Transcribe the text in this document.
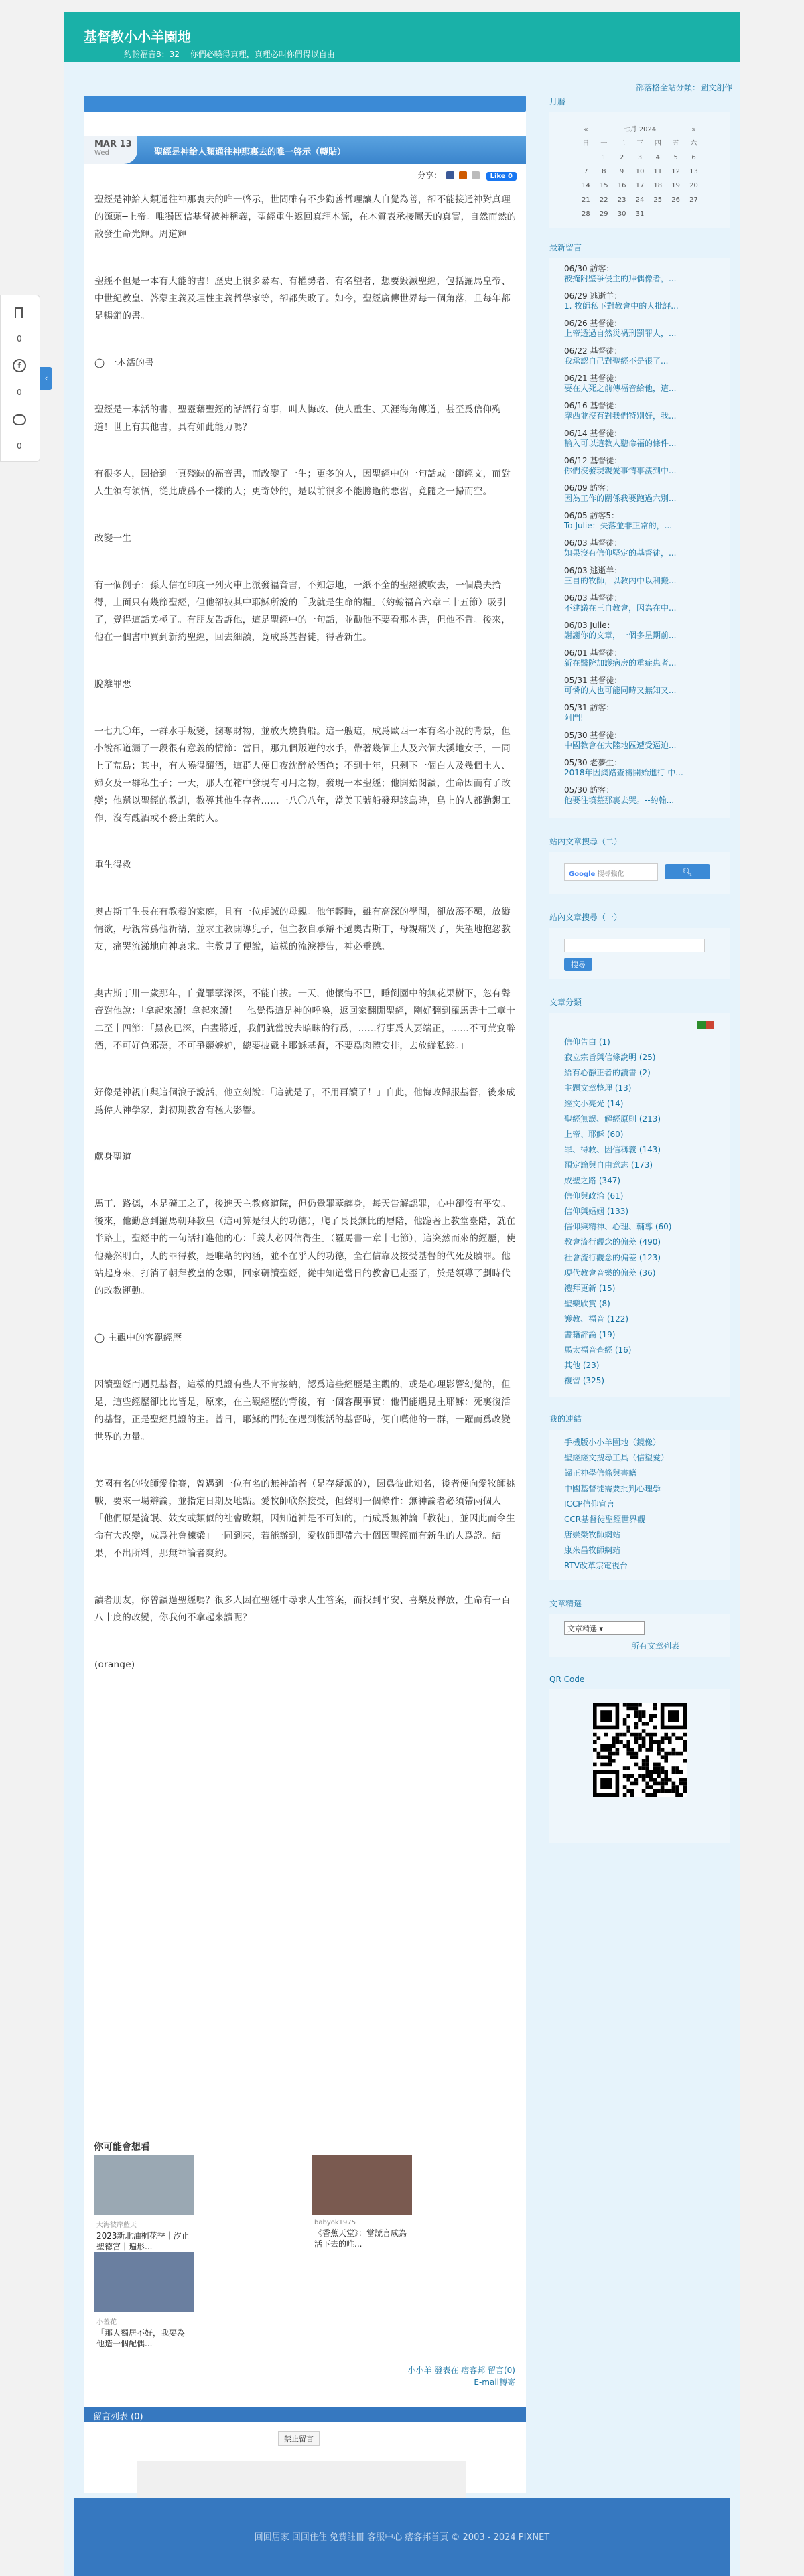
0
f
0
0
‹
基督教小小羊園地
約翰福音8：32 　你們必曉得真理，真理必叫你們得以自由
部落格全站分類：圖文創作
MAR 13
Wed	聖經是神給人類通往神那裏去的唯一啓示（轉貼）
分享：	Like 0

聖經是神給人類通往神那裏去的唯一啓示，世間雖有不少勸善哲理讓人自覺為善，卻不能接通神對真理的源頭─上帝。唯獨因信基督被神稱義，聖經重生返回真理本源，在本質表承接屬天的真實，自然而然的散發生命光輝。周道輝

聖經不但是一本有大能的書！歷史上很多暴君、有權勢者、有名望者，想要毀滅聖經，包括羅馬皇帝、中世紀教皇、啓蒙主義及理性主義哲學家等，卻都失敗了。如今，聖經廣傳世界每一個角落，且每年都是暢銷的書。

◯ 一本活的書

聖經是一本活的書，聖靈藉聖經的話語行奇事，叫人悔改、使人重生、天涯海角傳道，甚至爲信仰殉道！世上有其他書，具有如此能力嗎？

有很多人，因拾到一頁殘缺的福音書，而改變了一生；更多的人，因聖經中的一句話或一節經文，而對人生領有領悟，從此成爲不一樣的人；更奇妙的，是以前很多不能勝過的惡習，竟隨之一掃而空。

改變一生

有一個例子：孫大信在印度一列火車上派發福音書，不知怎地，一紙不全的聖經被吹去，一個農夫拾得，上面只有幾節聖經，但他卻被其中耶穌所說的「我就是生命的糧」（約翰福音六章三十五節）吸引了，覺得這話美極了。有朋友告訴他，這是聖經中的一句話，並勸他不要看那本書，但他不肯。後來，他在一個書中買到新約聖經，回去細讀，竟成爲基督徒，得著新生。

脫離罪惡

一七九〇年，一群水手叛變，擄奪財物，並放火燒貨船。這一艘這，成爲歐西一本有名小說的背景，但小說卻道漏了一段很有意義的情節：當日，那九個叛逆的水手，帶著幾個土人及六個大溪地女子，一同上了荒島；其中，有人曉得釀酒，這群人便日夜沈醉於酒色；不到十年，只剩下一個白人及幾個土人、婦女及一群私生子；一天，那人在箱中發現有可用之物，發現一本聖經；他開始閱讀，生命因而有了改變；他還以聖經的教訓，教導其他生存者……一八〇八年，當美玉號船發現該島時，島上的人都勤懇工作，沒有醜酒或不務正業的人。

重生得救

奧古斯丁生長在有教養的家庭，且有一位虔誠的母親。他年輕時，雖有高深的學問，卻放蕩不羈，放縱情欲，母親常爲他祈禱，並求主教開導兒子，但主教自承辯不過奧古斯丁，母親痛哭了，失望地抱怨教友，痛哭流涕地向神哀求。主教見了便說，這樣的流淚禱告，神必垂聽。

奧古斯丁卅一歲那年，自覺罪孽深深，不能自拔。一天，他懷悔不已，睡倒園中的無花果樹下，忽有聲音對他說：「拿起來讀！拿起來讀！」他覺得這是神的呼喚，返回家翻開聖經，剛好翻到羅馬書十三章十二至十四節：「黑夜已深，白晝將近，我們就當脫去暗昧的行爲，……行事爲人要端正，……不可荒宴醉酒，不可好色邪蕩，不可爭競嫉妒，總要披戴主耶穌基督，不要爲肉體安排，去放縱私慾。」

好像是神親自與這個浪子說話，他立刻說：「這就是了，不用再讀了！」自此，他悔改歸服基督，後來成爲偉大神學家，對初期教會有極大影響。

獻身聖道

馬丁．路德，本是礦工之子，後進天主教修道院，但仍覺罪孽纏身，每天告解認罪，心中卻沒有平安。後來，他勤意到羅馬朝拜教皇（這可算是很大的功德），爬了長長無比的層階，他跪著上教堂臺階，就在半路上，聖經中的一句話打進他的心：「義人必因信得生」（羅馬書一章十七節），這突然而來的經歷，使他驀然明白，人的罪得救，是唯藉的內涵，並不在乎人的功德，全在信靠及接受基督的代死及贖罪。他站起身來，打消了朝拜教皇的念頭，回家研讀聖經，從中知道當日的教會已走歪了，於是領導了劃時代的改教運動。

◯ 主觀中的客觀經歷

因讀聖經而遇見基督，這樣的見證有些人不肯接納，認爲這些經歷是主觀的，或是心理影響幻覺的，但是，這些經歷卻比比皆是，原來，在主觀經歷的背後，有一個客觀事實：他們能遇見主耶穌：死裏復活的基督，正是聖經見證的主。曾日，耶穌的門徒在遇到復活的基督時，便自嘆他的一群，一躍而爲改變世界的力量。

美國有名的牧師愛倫賽，曾遇到一位有名的無神論者（是存疑派的），因爲彼此知名，後者便向愛牧師挑戰，要來一場辯論，並指定日期及地點。愛牧師欣然接受，但聲明一個條件：無神論者必須帶兩個人「他們原是流氓、妓女或類似的社會敗類，因知道神是不可知的，而成爲無神論「教徒」，並因此而令生命有大改變，成爲社會棟梁」一同到來，若能辦到，愛牧師即帶六十個因聖經而有新生的人爲證。結果，不出所料，那無神論者爽約。

讀者朋友，你曾讀過聖經嗎？很多人因在聖經中尋求人生答案，而找到平安、喜樂及釋放，生命有一百八十度的改變，你我何不拿起來讀呢？

(orange)

你可能會想看
大海彼岸藍天
2023新北油桐花季｜汐止聖德宮｜遍形...
babyok1975
《香蕉天堂》：當謊言成為活下去的唯...
小羞花
「那人獨居不好，我要為他造一個配偶...
小小羊 發表在 痞客邦 留言(0)
E-mail轉寄
留言列表 (0)
禁止留言
月曆
«	七月 2024					»
日	一	二	三	四	五	六
	1	2	3	4	5	6
7	8	9	10	11	12	13
14	15	16	17	18	19	20
21	22	23	24	25	26	27
28	29	30	31			
最新留言
06/30 訪客：
被掩附壁爭侵主的拜偶像者，...
06/29 逃逝羊：
1. 牧師私下對教會中的人批評...
06/26 基督徒：
上帝透過自然災禍刑罰罪人，...
06/22 基督徒：
我承認自己對聖經不是很了...
06/21 基督徒：
要在人死之前傳福音給他，這...
06/16 基督徒：
摩西並沒有對我們特別好，我...
06/14 基督徒：
輸入可以這教人聽命福的條件...
06/12 基督徒：
你們沒發現親愛事情事淒到中...
06/09 訪客：
因為工作的關係我要跑過六別...
06/05 訪客5：
To Julie：失落並非正常的，...
06/03 基督徒：
如果沒有信仰堅定的基督徒，...
06/03 逃逝羊：
三自的牧師，以教內中以利搬...
06/03 基督徒：
不建議在三自教會，因為在中...
06/03 Julie：
謝謝你的文章，一個多星期前...
06/01 基督徒：
新在醫院加護病房的重症患者...
05/31 基督徒：
可憐的人也可能同時又無知又...
05/31 訪客：
阿門!
05/30 基督徒：
中國教會在大陸地區遭受逼迫...
05/30 老夢生：
2018年因網路查禱開始進行 中...
05/30 訪客：
他要往墳墓那裏去哭。--約翰...
站內文章搜尋（二）
Google 搜尋強化	🔍︎
站內文章搜尋（一）
搜尋
文章分類
信仰告白 (1)
寂立宗旨與信條說明 (25)
給有心靜正者的讀書 (2)
主題文章整理 (13)
經文小亮光 (14)
聖經無誤、解經原則 (213)
上帝、耶穌 (60)
罪、得救、因信稱義 (143)
預定論與自由意志 (173)
成聖之路 (347)
信仰與政治 (61)
信仰與婚姻 (133)
信仰與精神、心理、輔導 (60)
教會流行觀念的偏差 (490)
社會流行觀念的偏差 (123)
現代教會音樂的偏差 (36)
禮拜更新 (15)
聖樂欣賞 (8)
護教、福音 (122)
書籍評論 (19)
馬太福音查經 (16)
其他 (23)
複習 (325)
我的連結
手機版小小羊園地（鏡像）
聖經經文搜尋工具（信望愛）
歸正神學信條與書籍
中國基督徒需要批判心理學
ICCP信仰宣言
CCR基督徒聖經世界觀
唐崇榮牧師網站
康來昌牧師網站
RTV改革宗電視台
文章精選
文章精選 ▾
所有文章列表
QR Code
回回居家 回回住住 免費註冊 客服中心 痞客邦首頁 © 2003 - 2024 PIXNET
